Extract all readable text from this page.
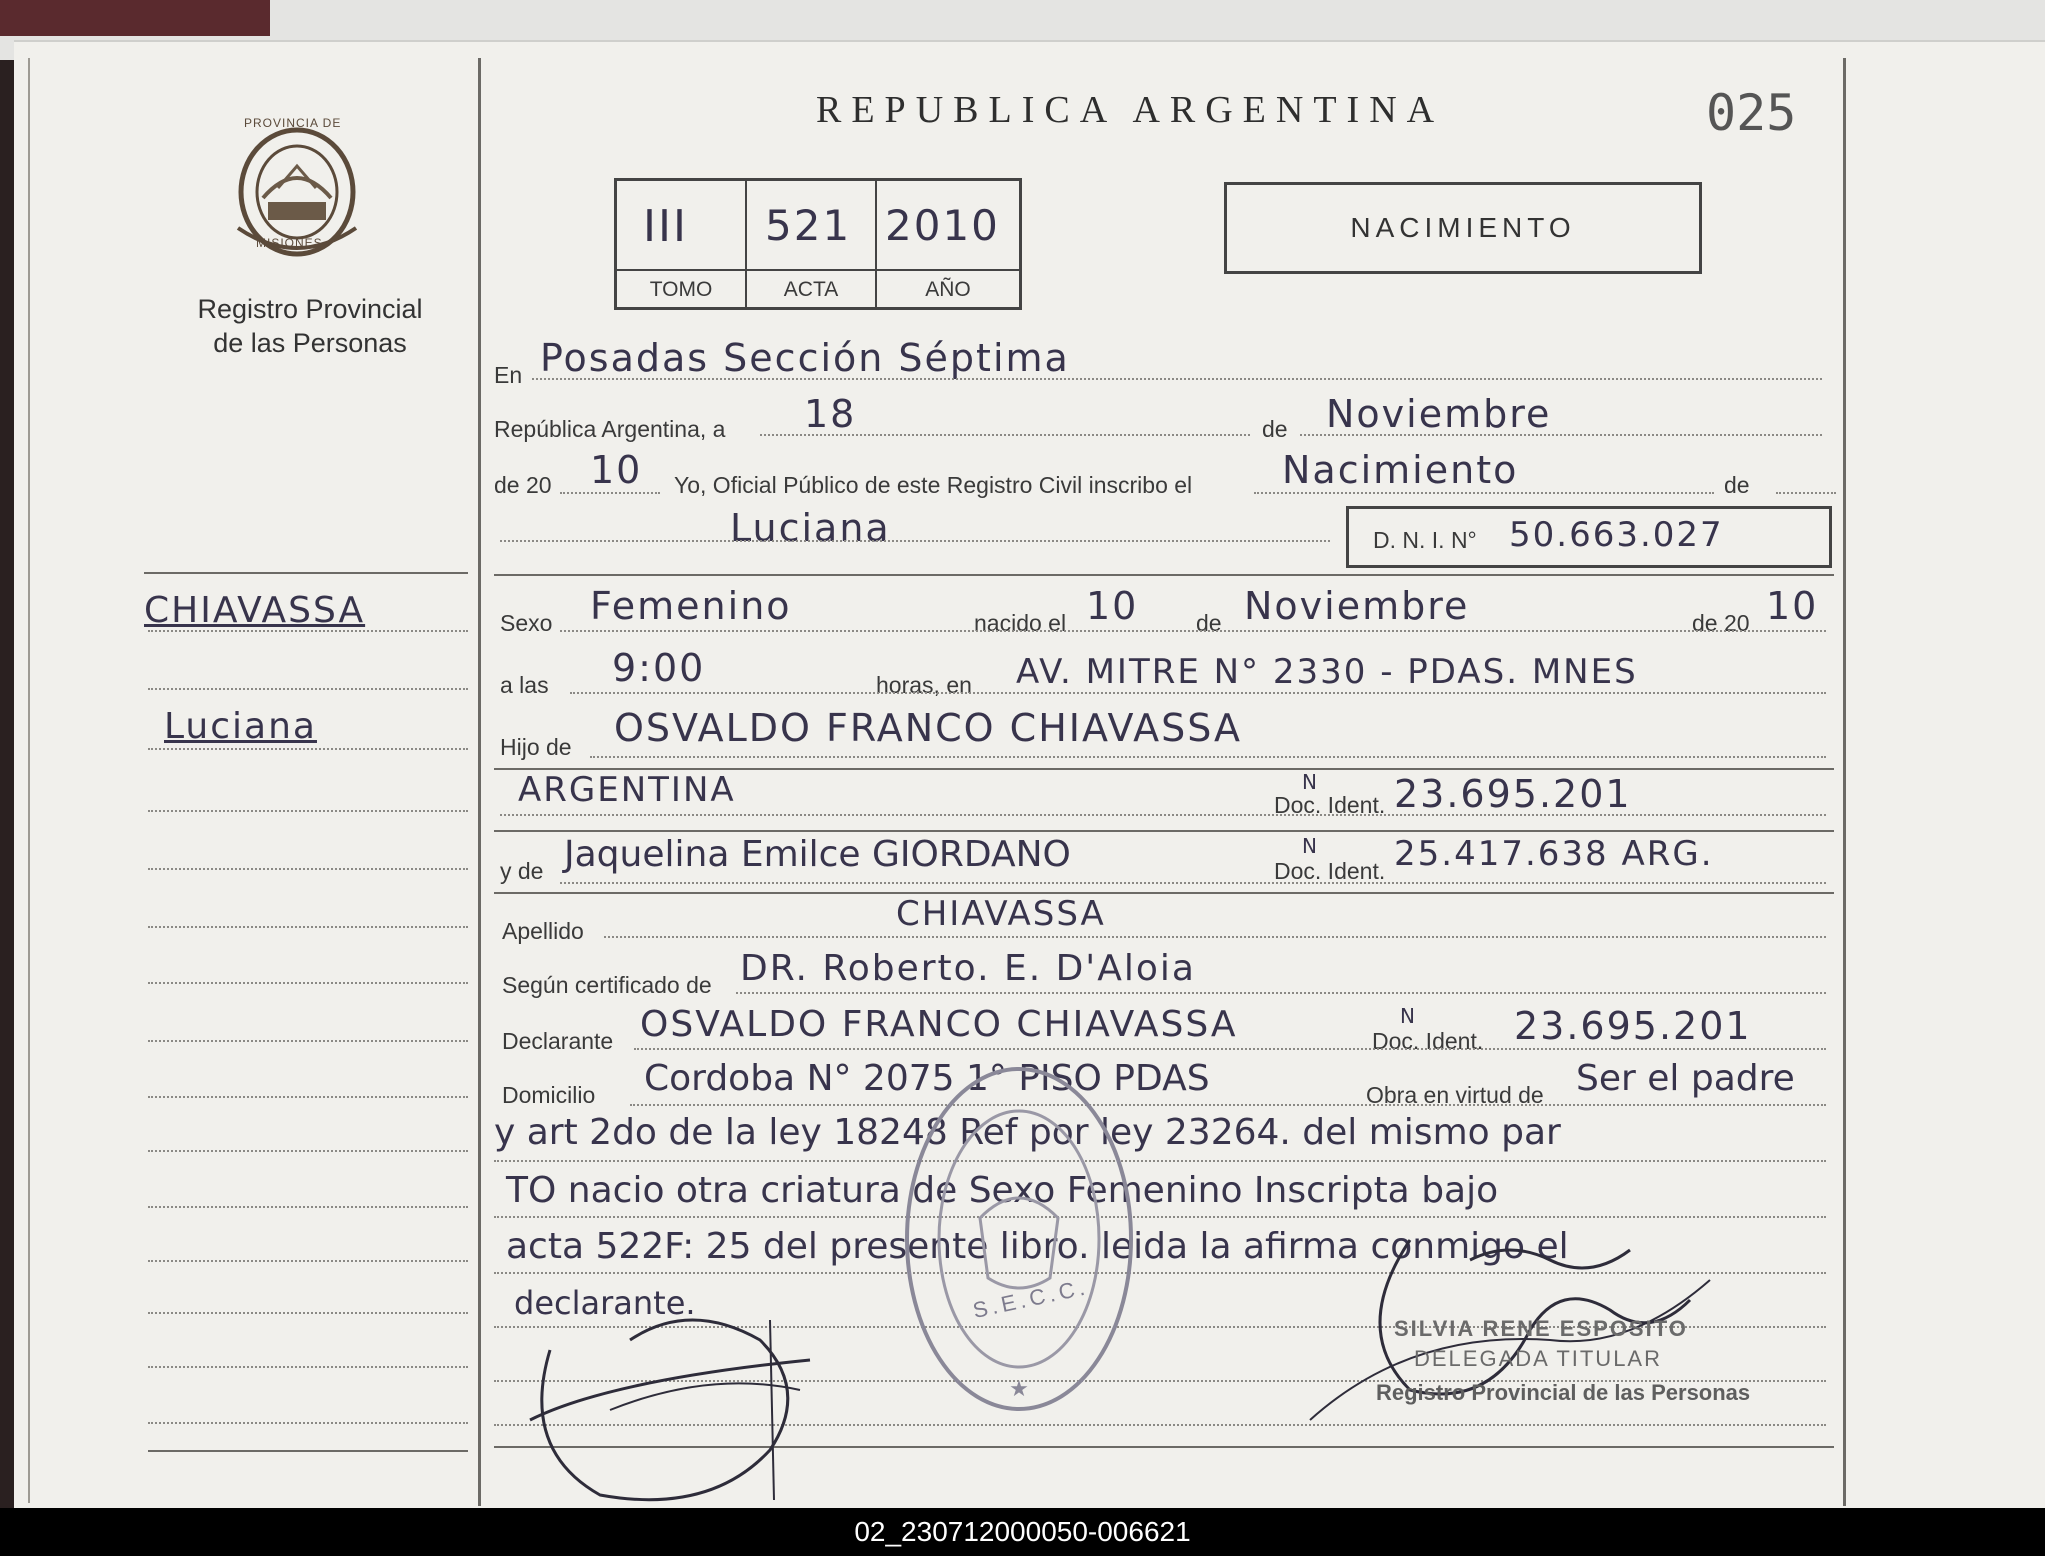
PROVINCIA DE
MISIONES
Registro Provincial
de las Personas
REPUBLICA ARGENTINA	025
III 521 2010
TOMO	ACTA	AÑO
NACIMIENTO
CHIAVASSA
Luciana
En Posadas Sección Séptima
República Argentina, a 18	de Noviembre
de 20 10 Yo, Oficial Público de este Registro Civil inscribo el Nacimiento	de
Luciana	D. N. I. N° 50.663.027
Sexo Femenino	nacido el 10	de Noviembre	de 20 10
a las 9:00	horas, en AV. MITRE N° 2330 - PDAS. MNES
Hijo de OSVALDO FRANCO CHIAVASSA
ARGENTINA	Doc. Ident.
N 23.695.201
y de Jaquelina Emilce GIORDANO	Doc. Ident.
N 25.417.638 ARG.
Apellido	CHIAVASSA
Según certificado de DR. Roberto. E. D'Aloia
Declarante OSVALDO FRANCO CHIAVASSA	Doc. Ident.
N	23.695.201
Domicilio Cordoba N° 2075 1° PISO PDAS	Obra en virtud de Ser el padre
y art 2do de la ley 18248 Ref por ley 23264. del mismo par
TO nacio otra criatura de Sexo Femenino Inscripta bajo
acta 522F: 25 del presente libro. leida la afirma conmigo el
declarante.
★
S.E.C.C.
SILVIA RENE ESPOSITO
DELEGADA TITULAR
Registro Provincial de las Personas
02_230712000050-006621
